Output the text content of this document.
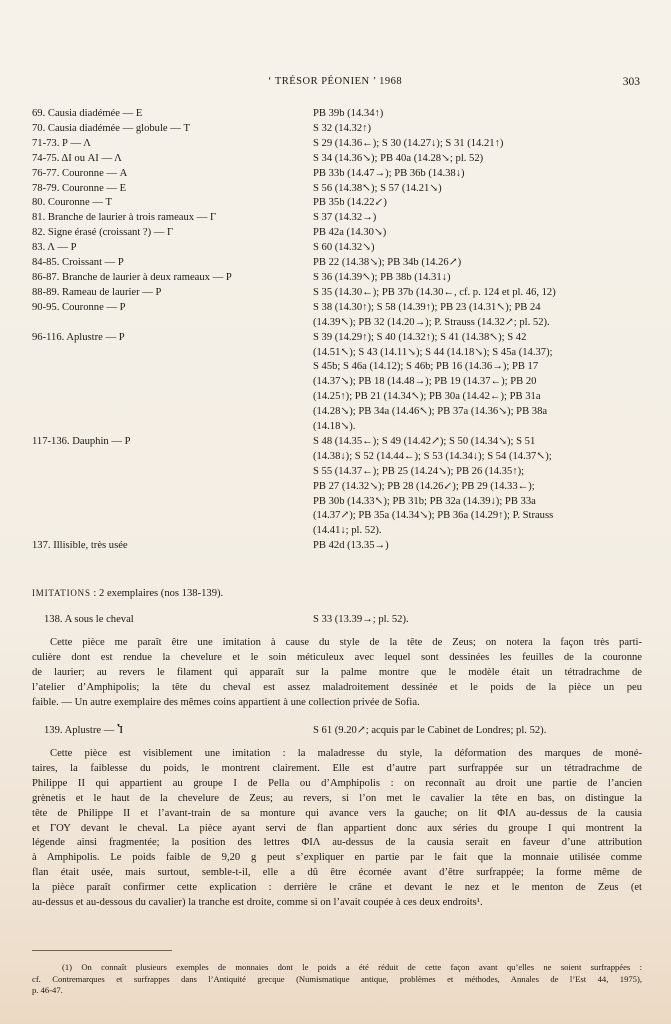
‘ TRÉSOR PÉONIEN ’ 1968	303
69. Causia diadémée — Ε	PB 39b (14.34↑)
70. Causia diadémée — globule — Τ	S 32 (14.32↑)
71-73. Ρ — Λ	S 29 (14.36←); S 30 (14.27↓); S 31 (14.21↑)
74-75. ΔΙ ou ΑΙ — Λ	S 34 (14.36↘); PB 40a (14.28↘; pl. 52)
76-77. Couronne — Α	PB 33b (14.47→); PB 36b (14.38↓)
78-79. Couronne — Ε	S 56 (14.38↖); S 57 (14.21↘)
80. Couronne — Τ	PB 35b (14.22↙)
81. Branche de laurier à trois rameaux — Γ	S 37 (14.32→)
82. Signe érasé (croissant ?) — Γ	PB 42a (14.30↘)
83. Λ — Ρ	S 60 (14.32↘)
84-85. Croissant — Ρ	PB 22 (14.38↘); PB 34b (14.26↗)
86-87. Branche de laurier à deux rameaux — Ρ	S 36 (14.39↖); PB 38b (14.31↓)
88-89. Rameau de laurier — Ρ	S 35 (14.30←); PB 37b (14.30←, cf. p. 124 et pl. 46, 12)
90-95. Couronne — Ρ	S 38 (14.30↑); S 58 (14.39↑); PB 23 (14.31↖); PB 24
(14.39↖); PB 32 (14.20→); P. Strauss (14.32↗; pl. 52).
96-116. Aplustre — Ρ	S 39 (14.29↑); S 40 (14.32↑); S 41 (14.38↖); S 42
(14.51↖); S 43 (14.11↘); S 44 (14.18↘); S 45a (14.37);
S 45b; S 46a (14.12); S 46b; PB 16 (14.36→); PB 17
(14.37↘); PB 18 (14.48→); PB 19 (14.37←); PB 20
(14.25↑); PB 21 (14.34↖); PB 30a (14.42←); PB 31a
(14.28↘); PB 34a (14.46↖); PB 37a (14.36↘); PB 38a
(14.18↘).
117-136. Dauphin — Ρ	S 48 (14.35←); S 49 (14.42↗); S 50 (14.34↘); S 51
(14.38↓); S 52 (14.44←); S 53 (14.34↓); S 54 (14.37↖);
S 55 (14.37←); PB 25 (14.24↘); PB 26 (14.35↑);
PB 27 (14.32↘); PB 28 (14.26↙); PB 29 (14.33←);
PB 30b (14.33↖); PB 31b; PB 32a (14.39↓); PB 33a
(14.37↗); PB 35a (14.34↘); PB 36a (14.29↑); P. Strauss
(14.41↓; pl. 52).
137. Illisible, très usée	PB 42d (13.35→)
IMITATIONS : 2 exemplaires (nos 138-139).
138. Α sous le cheval	S 33 (13.39→; pl. 52).
Cette pièce me paraît être une imitation à cause du style de la tête de Zeus; on notera la façon très parti-
culière dont est rendue la chevelure et le soin méticuleux avec lequel sont dessinées les feuilles de la couronne
de laurier; au revers le filament qui apparaît sur la palme montre que le modèle était un tétradrachme de
l’atelier d’Amphipolis; la tête du cheval est assez maladroitement dessinée et le poids de la pièce un peu
faible. — Un autre exemplaire des mêmes coins appartient à une collection privée de Sofia.
139. Aplustre — Ⴈ	S 61 (9.20↗; acquis par le Cabinet de Londres; pl. 52).
Cette pièce est visiblement une imitation : la maladresse du style, la déformation des marques de moné-
taires, la faiblesse du poids, le montrent clairement. Elle est d’autre part surfrappée sur un tétradrachme de
Philippe II qui appartient au groupe I de Pella ou d’Amphipolis : on reconnaît au droit une partie de l’ancien
grènetis et le haut de la chevelure de Zeus; au revers, si l’on met le cavalier la tête en bas, on distingue la
tête de Philippe II et l’avant-train de sa monture qui avance vers la gauche; on lit ΦΙΛ au-dessus de la causia
et ΓΟΥ devant le cheval. La pièce ayant servi de flan appartient donc aux séries du groupe I qui montrent la
légende ainsi fragmentée; la position des lettres ΦΙΛ au-dessus de la causia serait en faveur d’une attribution
à Amphipolis. Le poids faible de 9,20 g peut s’expliquer en partie par le fait que la monnaie utilisée comme
flan était usée, mais surtout, semble-t-il, elle a dû être écornée avant d’être surfrappée; la forme même de
la pièce paraît confirmer cette explication : derrière le crâne et devant le nez et le menton de Zeus (et
au-dessus et au-dessous du cavalier) la tranche est droite, comme si on l’avait coupée à ces deux endroits¹.
(1) On connaît plusieurs exemples de monnaies dont le poids a été réduit de cette façon avant qu’elles ne soient surfrappées :
cf. Contremarques et surfrappes dans l’Antiquité grecque (Numismatique antique, problèmes et méthodes, Annales de l’Est 44, 1975),
p. 46-47.
